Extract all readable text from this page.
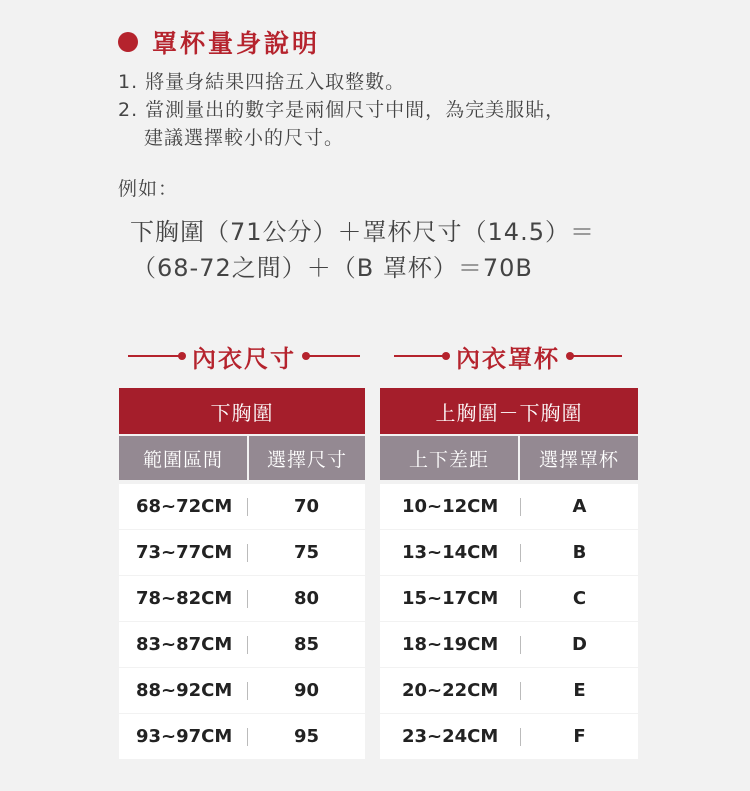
罩杯量身說明
1. 將量身結果四捨五入取整數。
2. 當測量出的數字是兩個尺寸中間，為完美服貼，
建議選擇較小的尺寸。
例如：
下胸圍（71公分）＋罩杯尺寸（14.5）＝
（68-72之間）＋（B 罩杯）＝70B
內衣尺寸	內衣罩杯
下胸圍
範圍區間	選擇尺寸
68~72CM	70
73~77CM	75
78~82CM	80
83~87CM	85
88~92CM	90
93~97CM	95
上胸圍－下胸圍
上下差距	選擇罩杯
10~12CM	A
13~14CM	B
15~17CM	C
18~19CM	D
20~22CM	E
23~24CM	F
